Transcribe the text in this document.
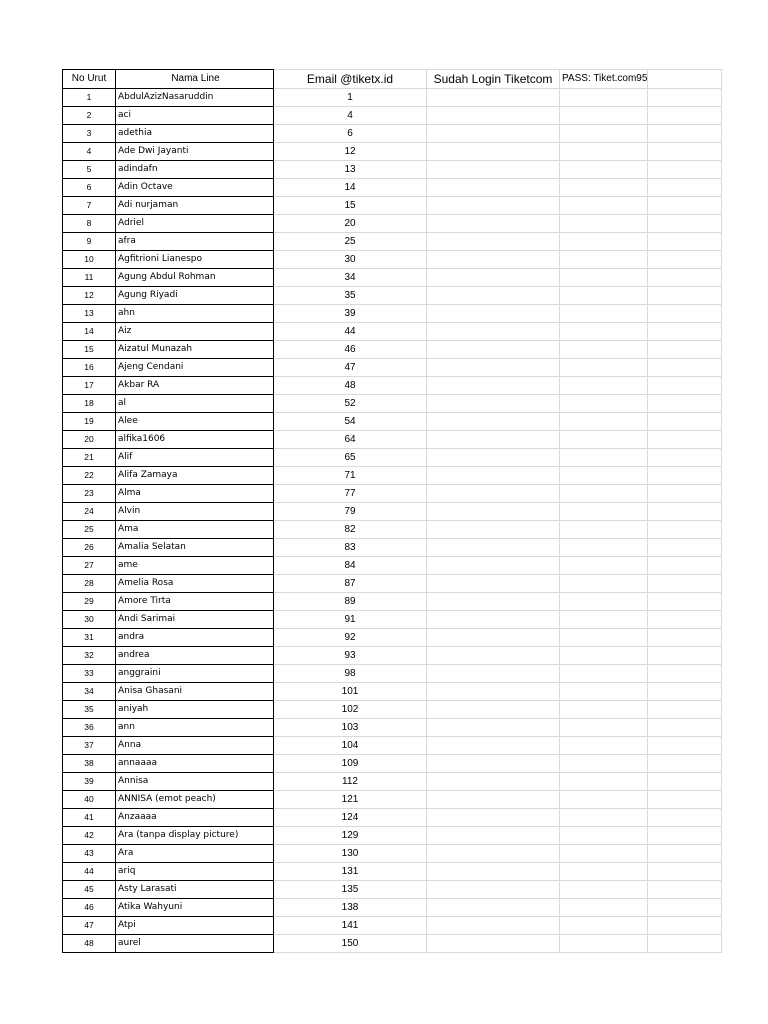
No Urut	Nama Line	Email @tiketx.id	Sudah Login Tiketcom	PASS: Tiket.com95	
1	AbdulAzizNasaruddin	1			
2	aci	4			
3	adethia	6			
4	Ade Dwi Jayanti	12			
5	adindafn	13			
6	Adin Octave	14			
7	Adi nurjaman	15			
8	Adriel	20			
9	afra	25			
10	Agfitrioni Lianespo	30			
11	Agung Abdul Rohman	34			
12	Agung Riyadi	35			
13	ahn	39			
14	Aiz	44			
15	Aizatul Munazah	46			
16	Ajeng Cendani	47			
17	Akbar RA	48			
18	al	52			
19	Alee	54			
20	alfika1606	64			
21	Alif	65			
22	Alifa Zamaya	71			
23	Alma	77			
24	Alvin	79			
25	Ama	82			
26	Amalia Selatan	83			
27	ame	84			
28	Amelia Rosa	87			
29	Amore Tirta	89			
30	Andi Sarimai	91			
31	andra	92			
32	andrea	93			
33	anggraini	98			
34	Anisa Ghasani	101			
35	aniyah	102			
36	ann	103			
37	Anna	104			
38	annaaaa	109			
39	Annisa	112			
40	ANNISA (emot peach)	121			
41	Anzaaaa	124			
42	Ara (tanpa display picture)	129			
43	Ara	130			
44	ariq	131			
45	Asty Larasati	135			
46	Atika Wahyuni	138			
47	Atpi	141			
48	aurel	150			
